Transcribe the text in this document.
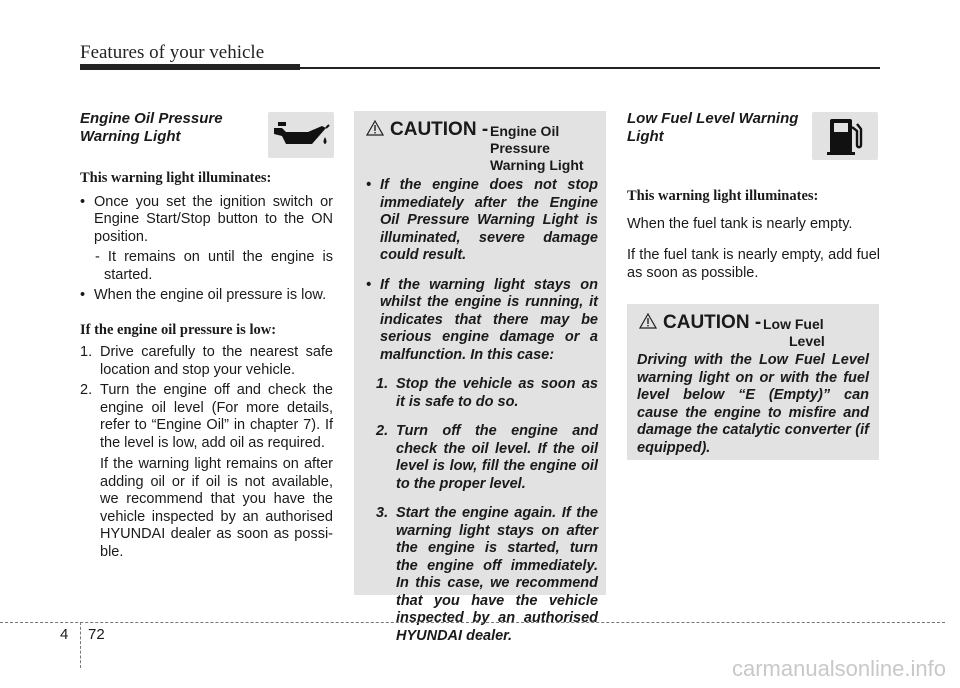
Features of your vehicle
Engine Oil Pressure
Warning Light

This warning light illuminates:

• Once you set the ignition switch or Engine Start/Stop button to the ON position.
- It remains on until the engine is started.
• When the engine oil pressure is low.

If the engine oil pressure is low:

1. Drive carefully to the nearest safe location and stop your vehicle.
2. Turn the engine off and check the engine oil level (For more details, refer to “Engine Oil” in chapter 7). If the level is low, add oil as required.
If the warning light remains on after adding oil or if oil is not available, we recommend that you have the vehicle inspected by an authorised HYUNDAI dealer as soon as possi- ble.
CAUTION - Engine Oil
Pressure
Warning Light
• If the engine does not stop immediately after the Engine Oil Pressure Warning Light is illuminated, severe damage could result.
• If the warning light stays on whilst the engine is running, it indicates that there may be serious engine damage or a malfunction. In this case:
1. Stop the vehicle as soon as it is safe to do so.
2. Turn off the engine and check the oil level. If the oil level is low, fill the engine oil to the proper level.
3. Start the engine again. If the warning light stays on after the engine is started, turn the engine off immediately. In this case, we recommend that you have the vehicle inspected by an authorised HYUNDAI dealer.
Low Fuel Level Warning
Light

This warning light illuminates:

When the fuel tank is nearly empty.

If the fuel tank is nearly empty, add fuel as soon as possible.

CAUTION - Low Fuel
Level
Driving with the Low Fuel Level warning light on or with the fuel level below “E (Empty)” can cause the engine to misfire and damage the catalytic converter (if equipped).
4 72
carmanualsonline.info
